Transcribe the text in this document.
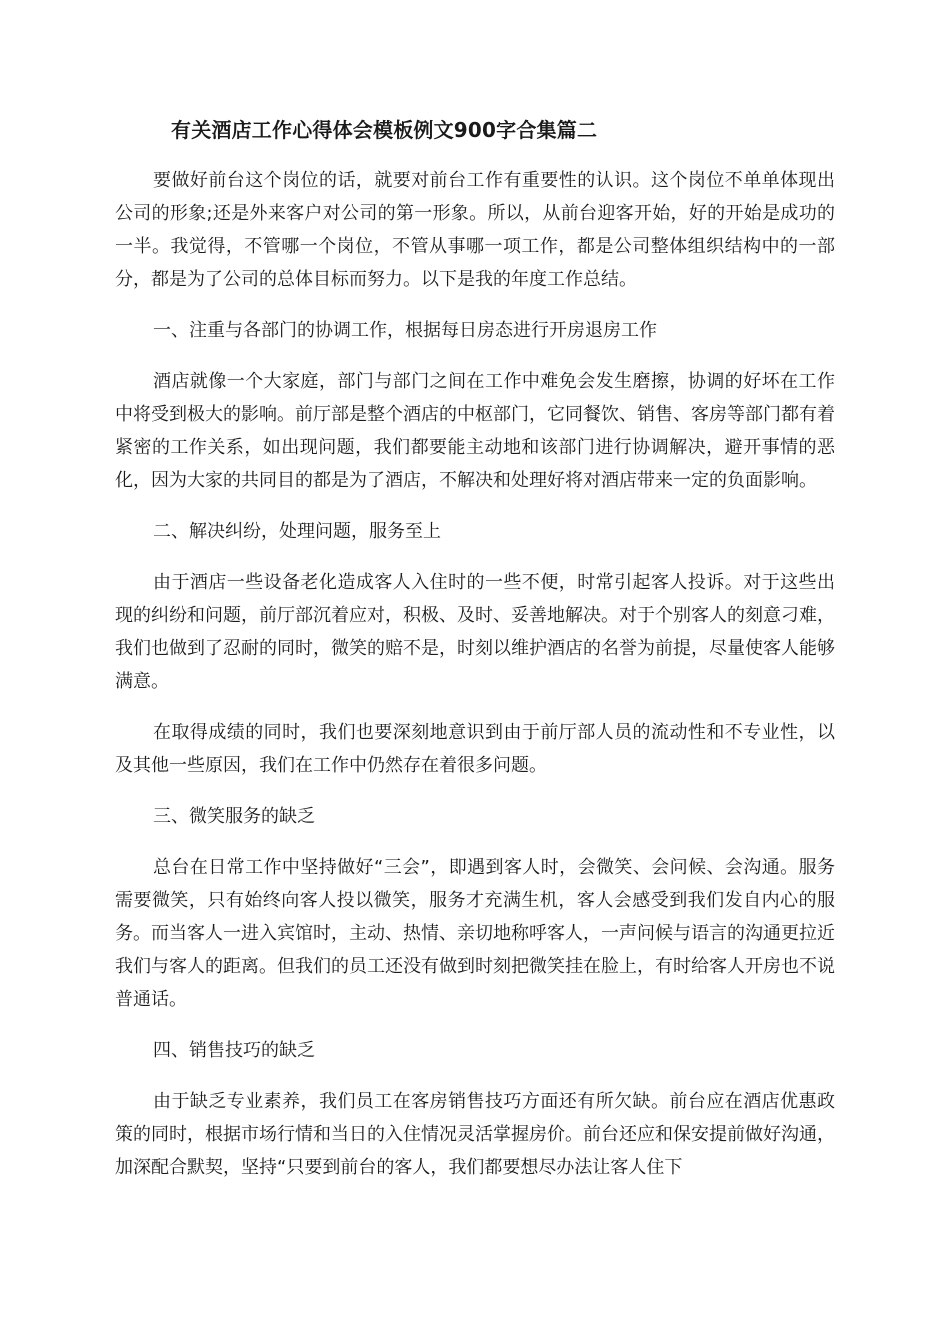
有关酒店工作心得体会模板例文900字合集篇二

要做好前台这个岗位的话，就要对前台工作有重要性的认识。这个岗位不单单体现出公司的形象;还是外来客户对公司的第一形象。所以，从前台迎客开始，好的开始是成功的一半。我觉得，不管哪一个岗位，不管从事哪一项工作，都是公司整体组织结构中的一部分，都是为了公司的总体目标而努力。以下是我的年度工作总结。

一、注重与各部门的协调工作，根据每日房态进行开房退房工作

酒店就像一个大家庭，部门与部门之间在工作中难免会发生磨擦，协调的好坏在工作中将受到极大的影响。前厅部是整个酒店的中枢部门，它同餐饮、销售、客房等部门都有着紧密的工作关系，如出现问题，我们都要能主动地和该部门进行协调解决，避开事情的恶化，因为大家的共同目的都是为了酒店，不解决和处理好将对酒店带来一定的负面影响。

二、解决纠纷，处理问题，服务至上

由于酒店一些设备老化造成客人入住时的一些不便，时常引起客人投诉。对于这些出现的纠纷和问题，前厅部沉着应对，积极、及时、妥善地解决。对于个别客人的刻意刁难，我们也做到了忍耐的同时，微笑的赔不是，时刻以维护酒店的名誉为前提，尽量使客人能够满意。

在取得成绩的同时，我们也要深刻地意识到由于前厅部人员的流动性和不专业性，以及其他一些原因，我们在工作中仍然存在着很多问题。

三、微笑服务的缺乏

总台在日常工作中坚持做好“三会”，即遇到客人时，会微笑、会问候、会沟通。服务需要微笑，只有始终向客人投以微笑，服务才充满生机，客人会感受到我们发自内心的服务。而当客人一进入宾馆时，主动、热情、亲切地称呼客人，一声问候与语言的沟通更拉近我们与客人的距离。但我们的员工还没有做到时刻把微笑挂在脸上，有时给客人开房也不说普通话。

四、销售技巧的缺乏

由于缺乏专业素养，我们员工在客房销售技巧方面还有所欠缺。前台应在酒店优惠政策的同时，根据市场行情和当日的入住情况灵活掌握房价。前台还应和保安提前做好沟通，加深配合默契，坚持“只要到前台的客人，我们都要想尽办法让客人住下
